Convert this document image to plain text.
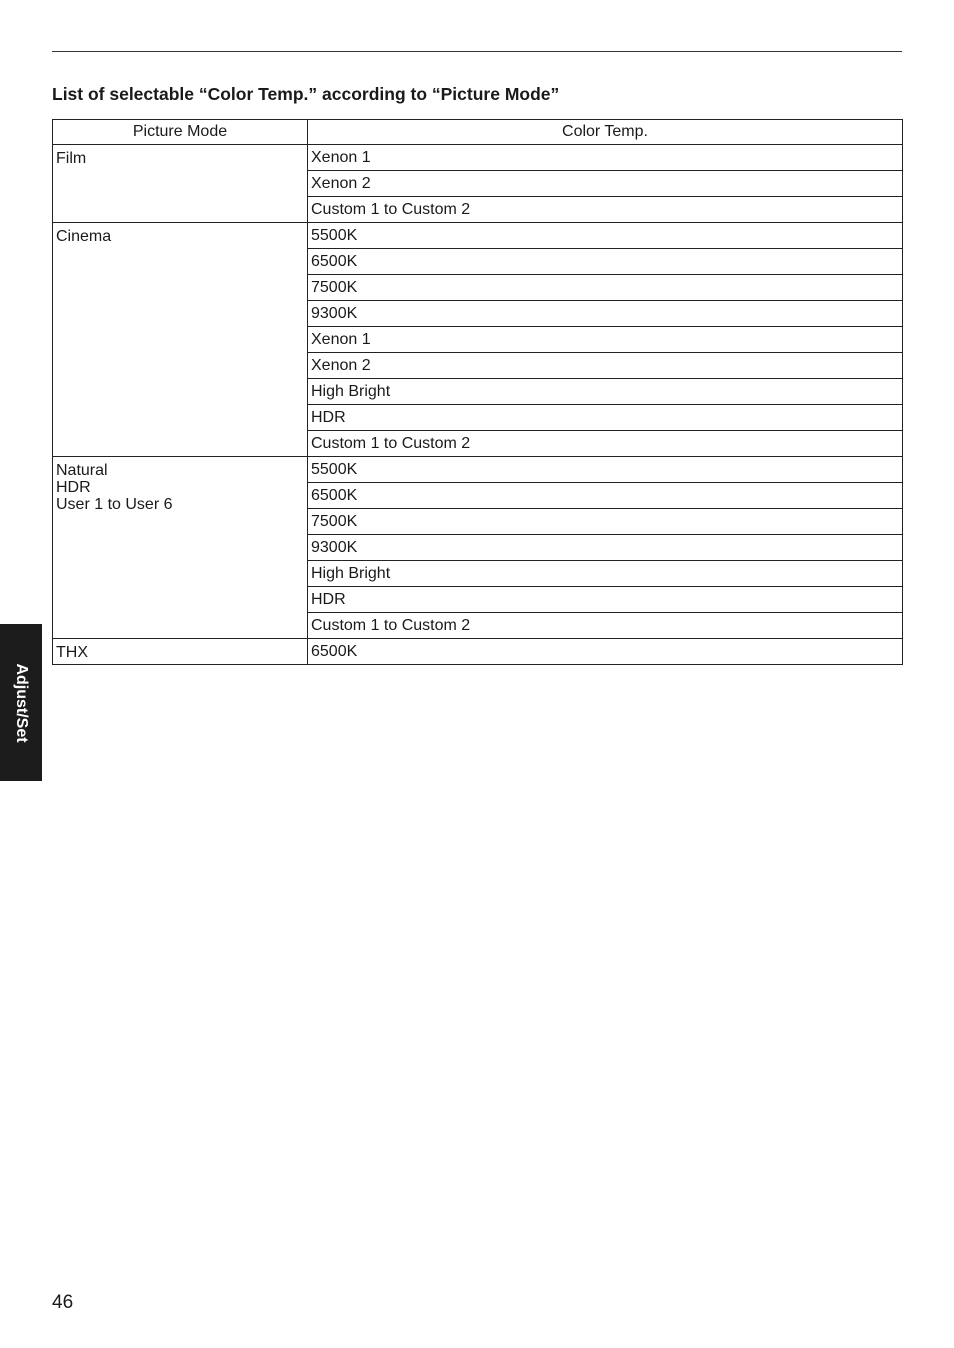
List of selectable “Color Temp.” according to “Picture Mode”
Picture Mode	Color Temp.

Film	Xenon 1
	Xenon 2
	Custom 1 to Custom 2

Cinema	5500K
	6500K
	7500K
	9300K
	Xenon 1
	Xenon 2
	High Bright
	HDR
	Custom 1 to Custom 2

Natural
HDR
User 1 to User 6	5500K
	6500K
	7500K
	9300K
	High Bright
	HDR
	Custom 1 to Custom 2

THX	6500K
Adjust/Set
46
